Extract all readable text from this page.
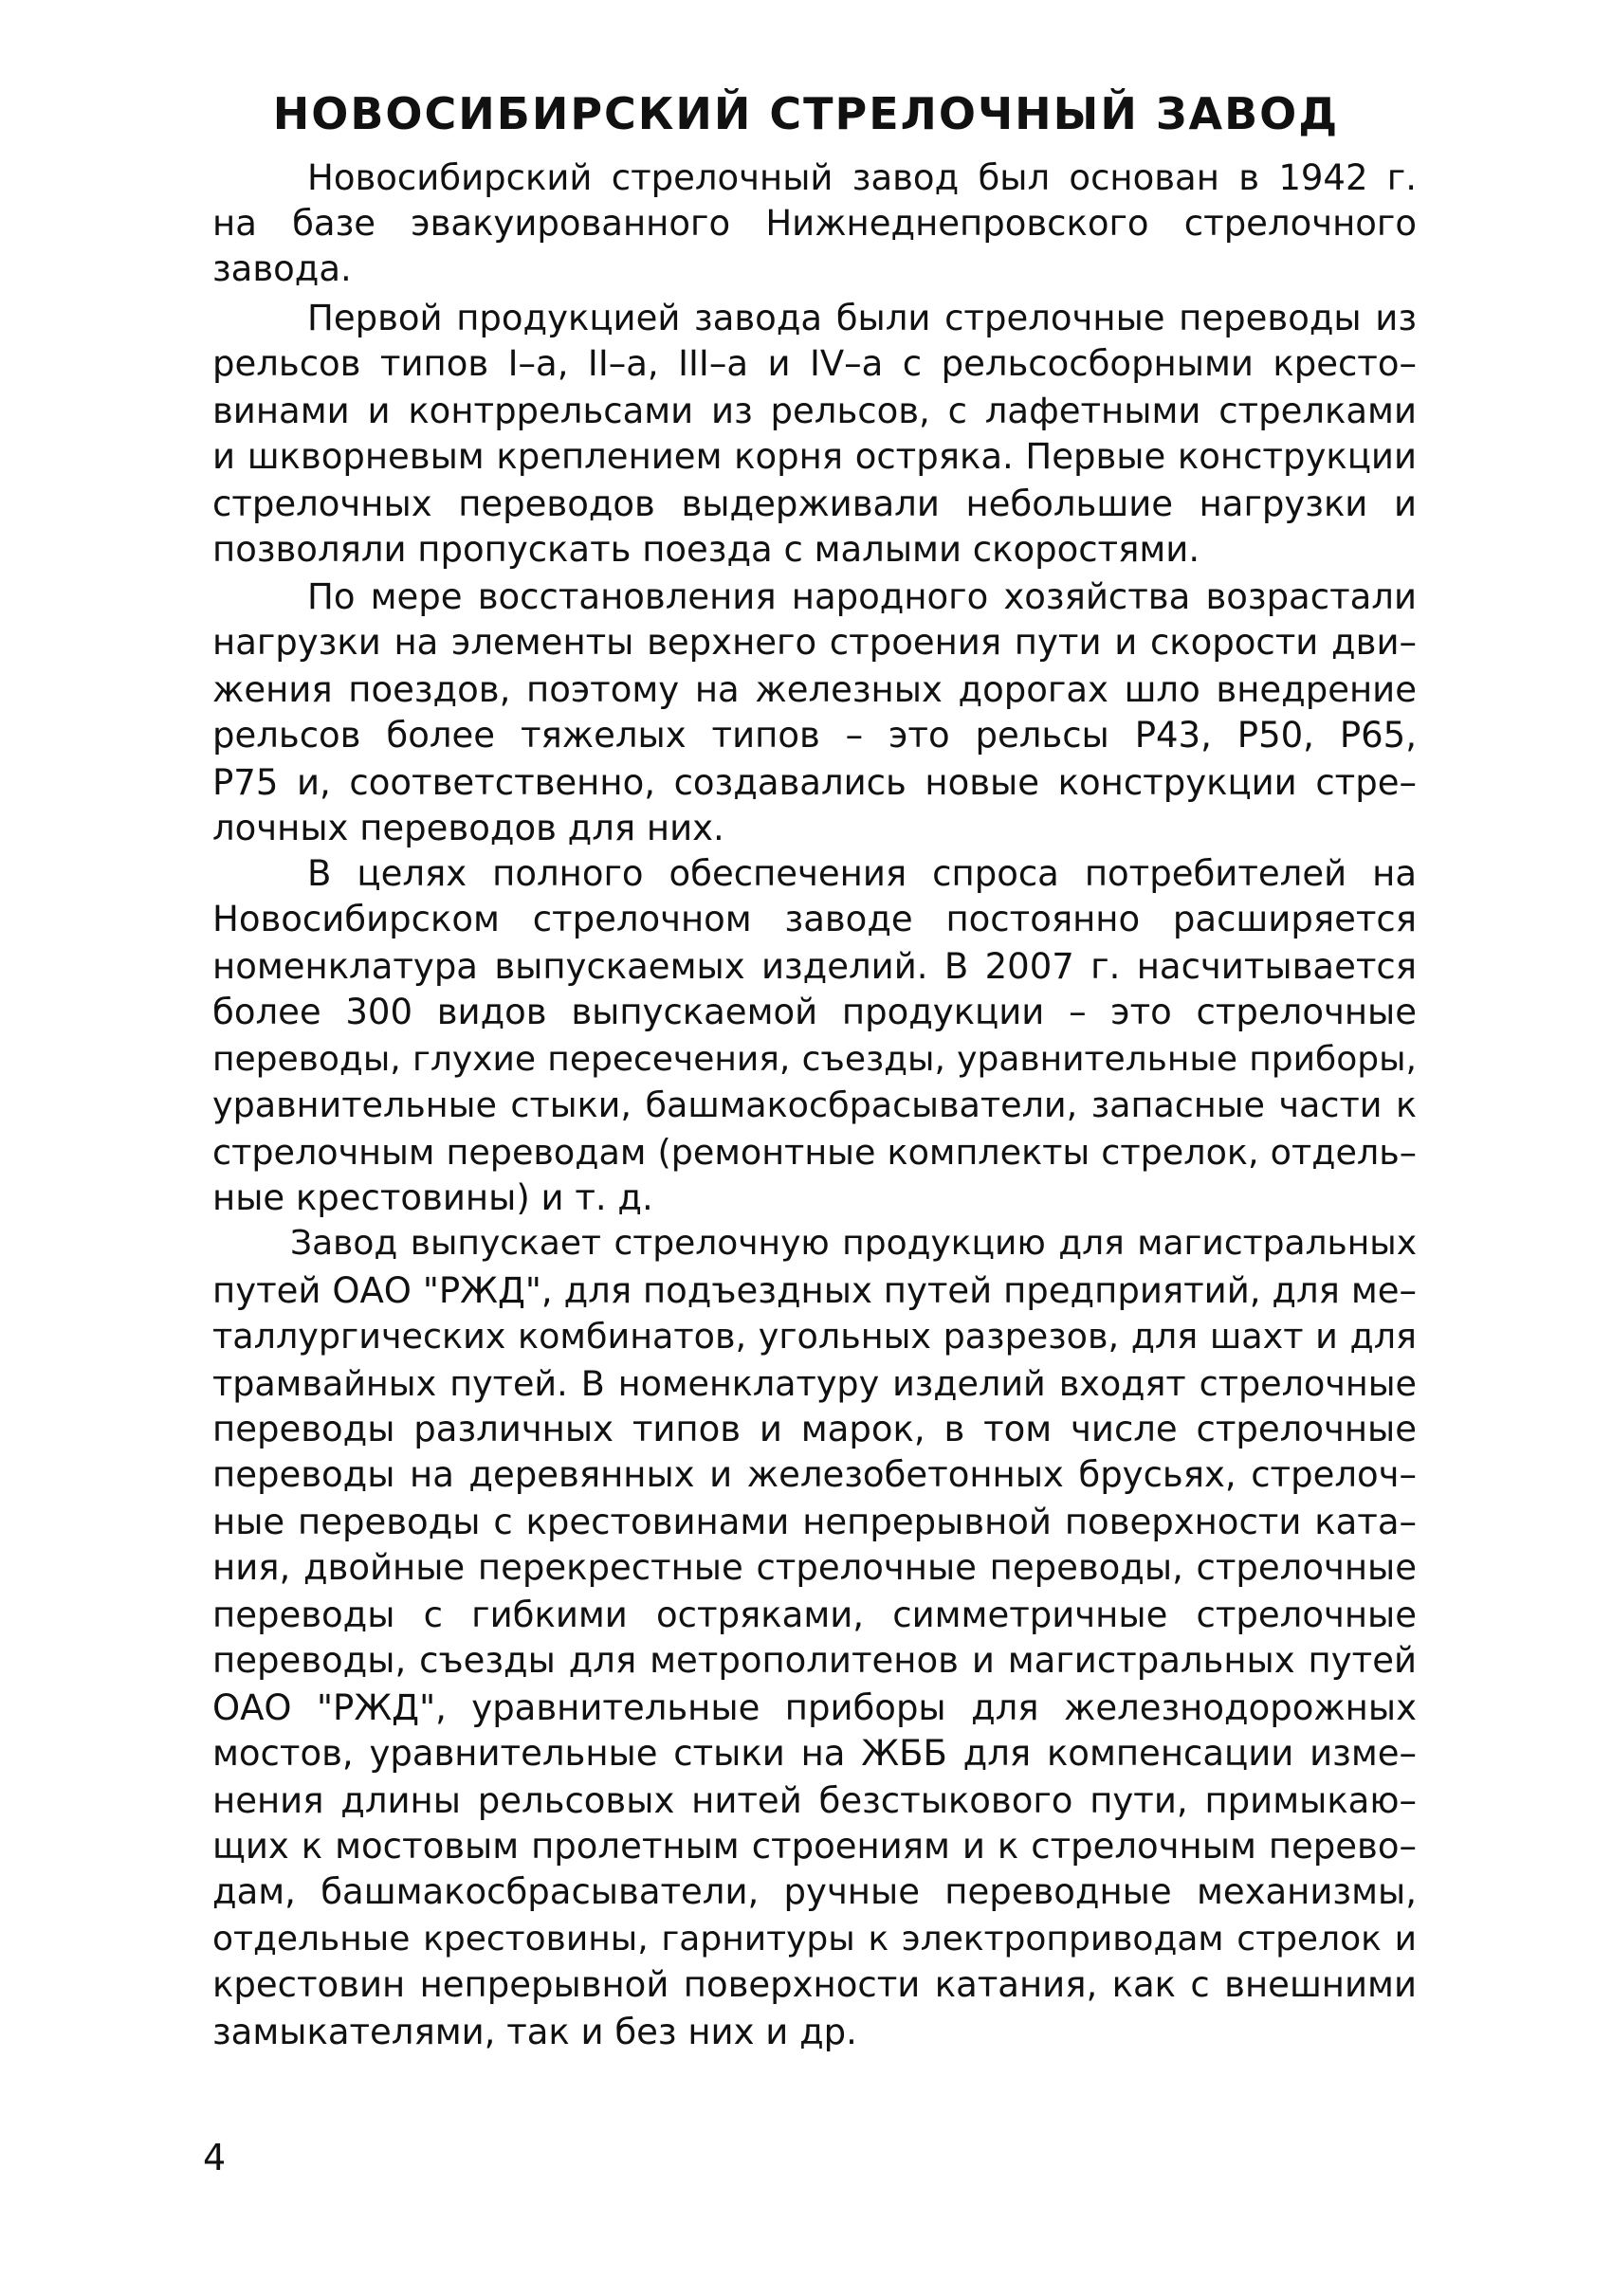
НОВОСИБИРСКИЙ СТРЕЛОЧНЫЙ ЗАВОД
Новосибирский стрелочный завод был основан в 1942 г.
на базе эвакуированного Нижнеднепровского стрелочного
завода.
Первой продукцией завода были стрелочные переводы из
рельсов типов I–а, II–а, III–а и IV–а с рельсосборными кресто–
винами и контррельсами из рельсов, с лафетными стрелками
и шкворневым креплением корня остряка. Первые конструкции
стрелочных переводов выдерживали небольшие нагрузки и
позволяли пропускать поезда с малыми скоростями.
По мере восстановления народного хозяйства возрастали
нагрузки на элементы верхнего строения пути и скорости дви–
жения поездов, поэтому на железных дорогах шло внедрение
рельсов более тяжелых типов – это рельсы Р43, Р50, Р65,
Р75 и, соответственно, создавались новые конструкции стре–
лочных переводов для них.
В целях полного обеспечения спроса потребителей на
Новосибирском стрелочном заводе постоянно расширяется
номенклатура выпускаемых изделий. В 2007 г. насчитывается
более 300 видов выпускаемой продукции – это стрелочные
переводы, глухие пересечения, съезды, уравнительные приборы,
уравнительные стыки, башмакосбрасыватели, запасные части к
стрелочным переводам (ремонтные комплекты стрелок, отдель–
ные крестовины) и т. д.
Завод выпускает стрелочную продукцию для магистральных
путей ОАО "РЖД", для подъездных путей предприятий, для ме–
таллургических комбинатов, угольных разрезов, для шахт и для
трамвайных путей. В номенклатуру изделий входят стрелочные
переводы различных типов и марок, в том числе стрелочные
переводы на деревянных и железобетонных брусьях, стрелоч–
ные переводы с крестовинами непрерывной поверхности ката–
ния, двойные перекрестные стрелочные переводы, стрелочные
переводы с гибкими остряками, симметричные стрелочные
переводы, съезды для метрополитенов и магистральных путей
ОАО "РЖД", уравнительные приборы для железнодорожных
мостов, уравнительные стыки на ЖББ для компенсации изме–
нения длины рельсовых нитей безстыкового пути, примыкаю–
щих к мостовым пролетным строениям и к стрелочным перево–
дам, башмакосбрасыватели, ручные переводные механизмы,
отдельные крестовины, гарнитуры к электроприводам стрелок и
крестовин непрерывной поверхности катания, как с внешними
замыкателями, так и без них и др.
4
